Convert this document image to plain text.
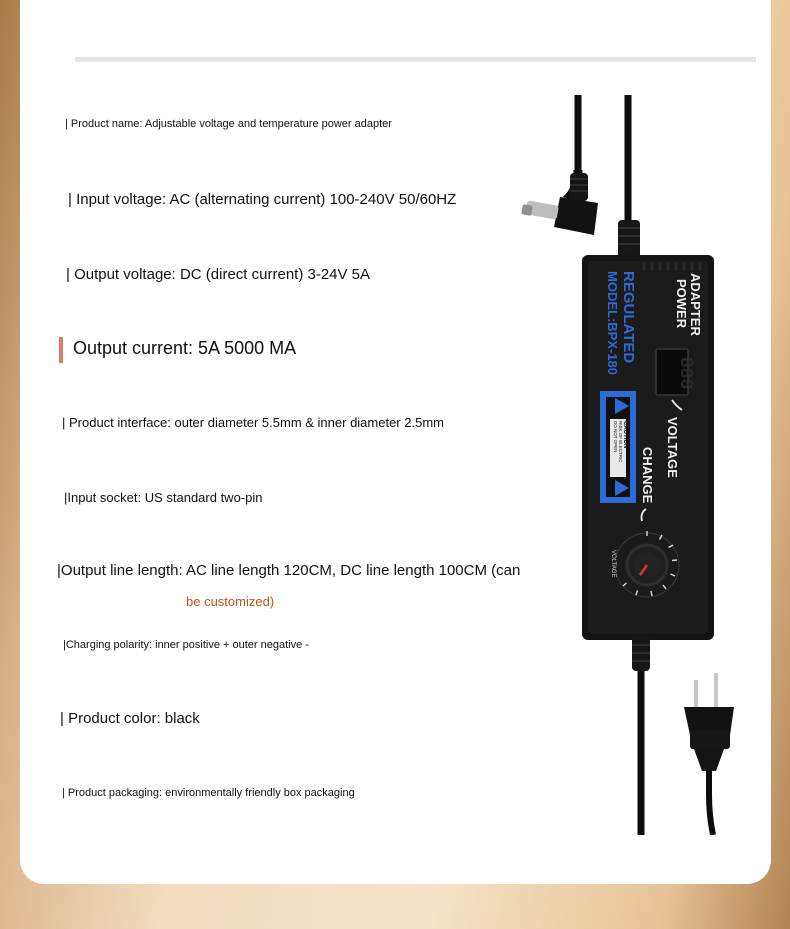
| Product name: Adjustable voltage and temperature power adapter
| Input voltage: AC (alternating current) 100-240V 50/60HZ
| Output voltage: DC (direct current) 3-24V 5A
Output current: 5A 5000 MA
| Product interface: outer diameter 5.5mm & inner diameter 2.5mm
|Input socket: US standard two-pin
|Output line length: AC line length 120CM, DC line length 100CM (can
be customized)
|Charging polarity: inner positive + outer negative -
| Product color: black
| Product packaging: environmentally friendly box packaging
ADAPTER
POWER
REGULATED
MODEL:BPX-180	888
VOLTAGE
CHANGE
CAUTION
RISK OF ELECTRIC
DO NOT OPEN
VOLTAGE
